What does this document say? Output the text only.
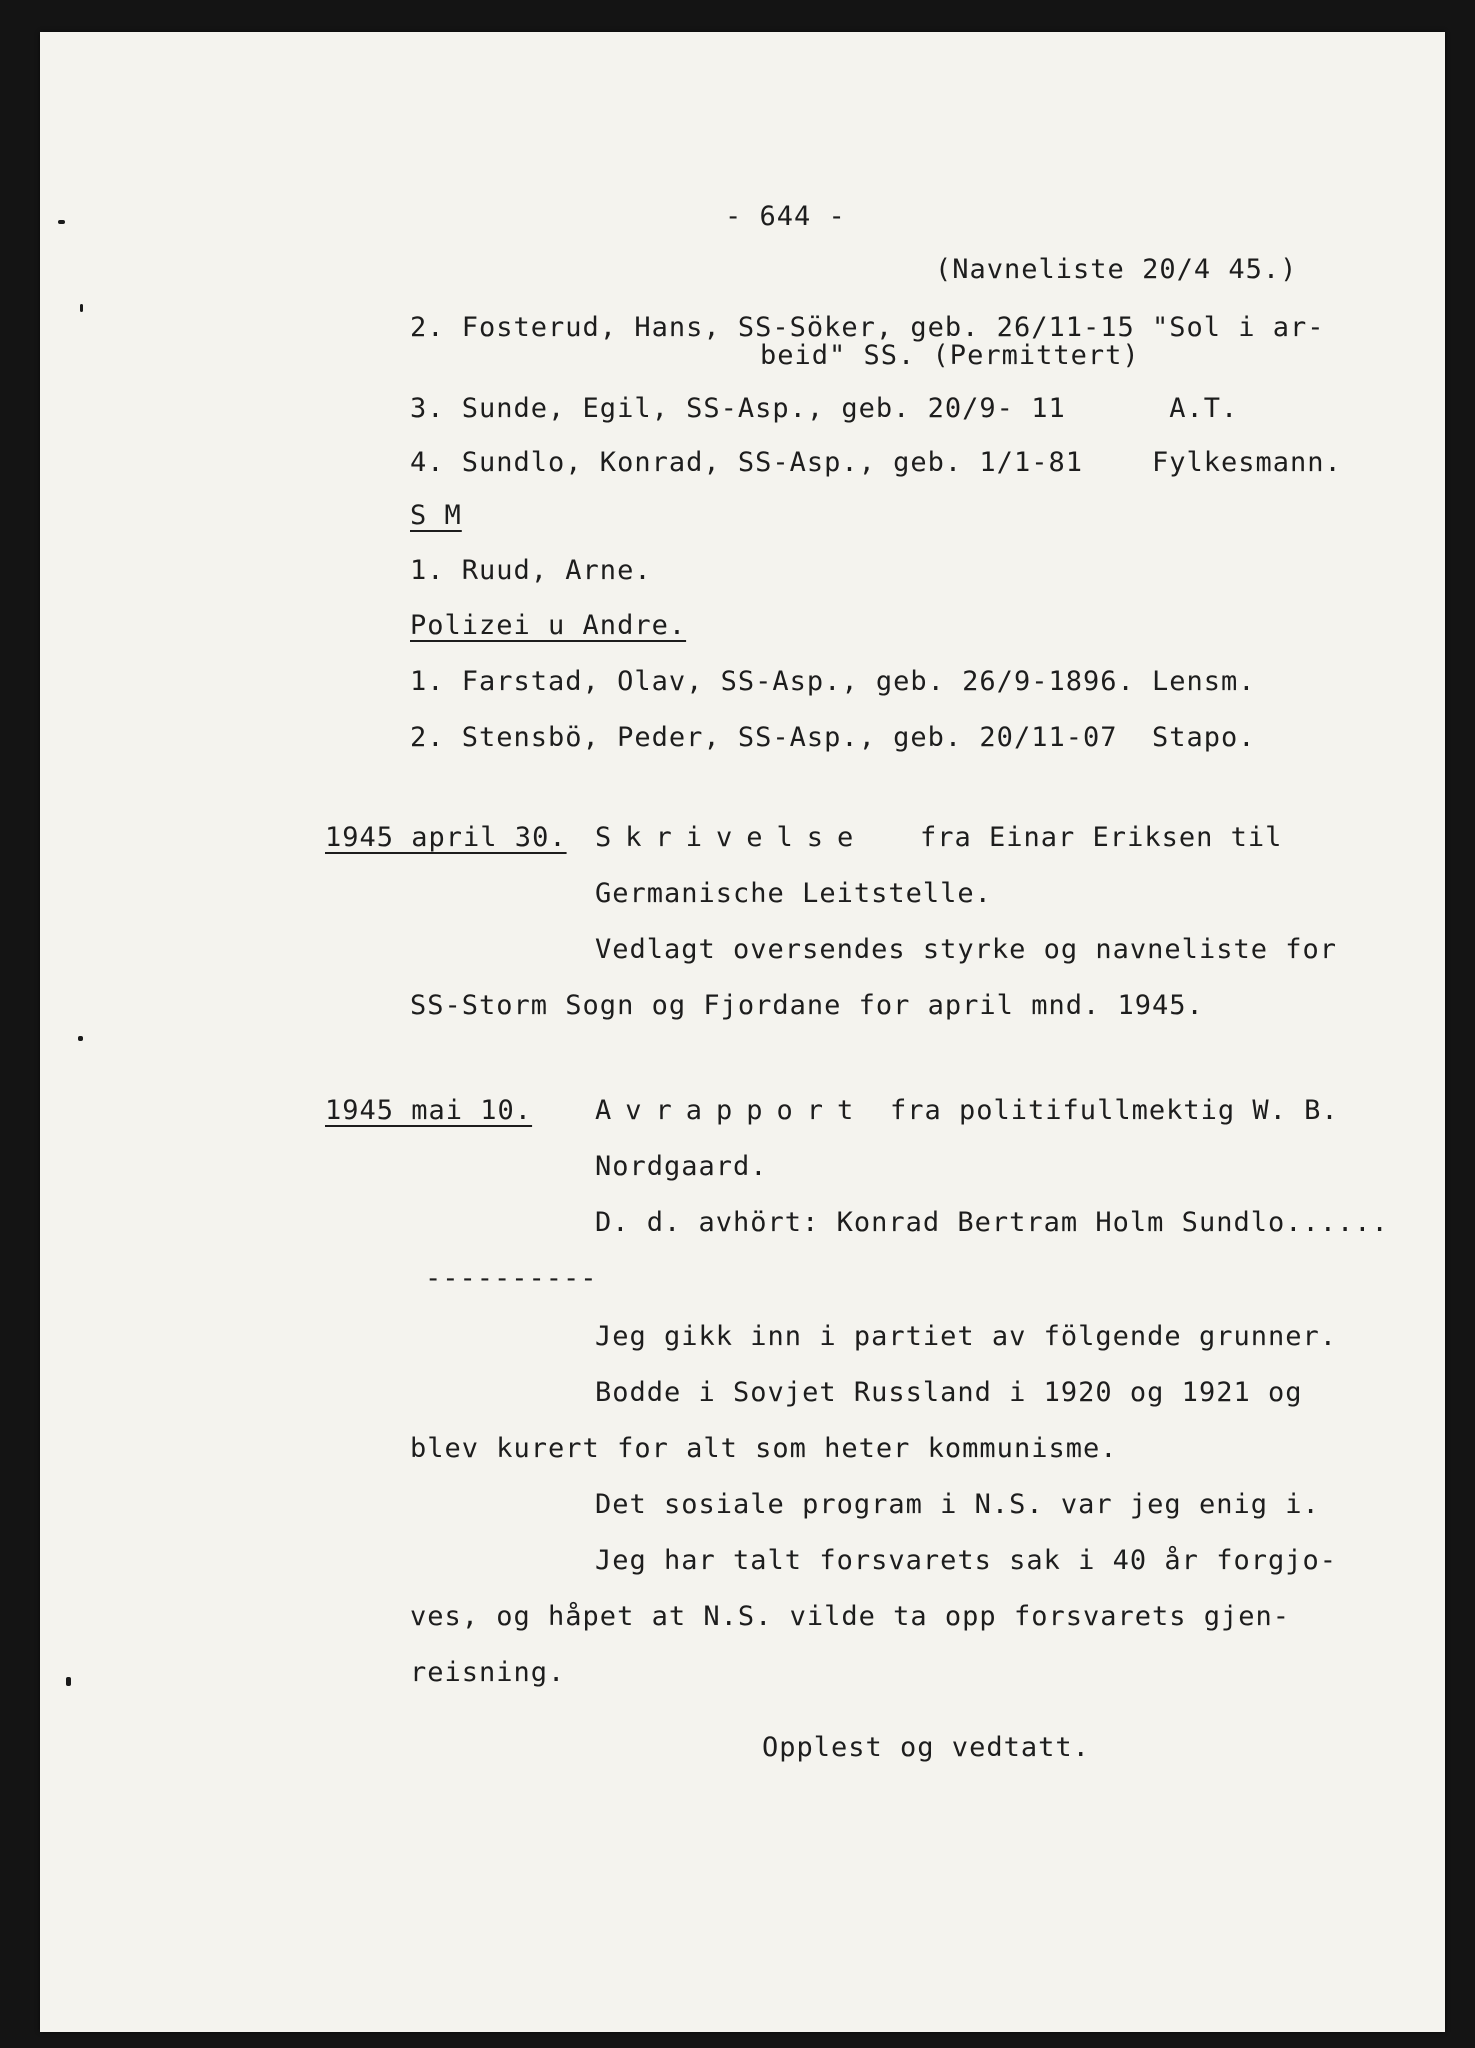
- 644 -
(Navneliste 20/4 45.)
2. Fosterud, Hans, SS-Söker, geb. 26/11-15 "Sol i ar-
beid" SS. (Permittert)
3. Sunde, Egil, SS-Asp., geb. 20/9- 11      A.T.
4. Sundlo, Konrad, SS-Asp., geb. 1/1-81    Fylkesmann.
S M
1. Ruud, Arne.
Polizei u Andre.
1. Farstad, Olav, SS-Asp., geb. 26/9-1896. Lensm.
2. Stensbö, Peder, SS-Asp., geb. 20/11-07  Stapo.
1945 april 30. Skrivelse fra Einar Eriksen til
Germanische Leitstelle.
Vedlagt oversendes styrke og navneliste for
SS-Storm Sogn og Fjordane for april mnd. 1945.
1945 mai 10. Avrapport fra politifullmektig W. B.
Nordgaard.
D. d. avhört: Konrad Bertram Holm Sundlo......
----------
Jeg gikk inn i partiet av fölgende grunner.
Bodde i Sovjet Russland i 1920 og 1921 og
blev kurert for alt som heter kommunisme.
Det sosiale program i N.S. var jeg enig i.
Jeg har talt forsvarets sak i 40 år forgjo-
ves, og håpet at N.S. vilde ta opp forsvarets gjen-
reisning.
Opplest og vedtatt.
